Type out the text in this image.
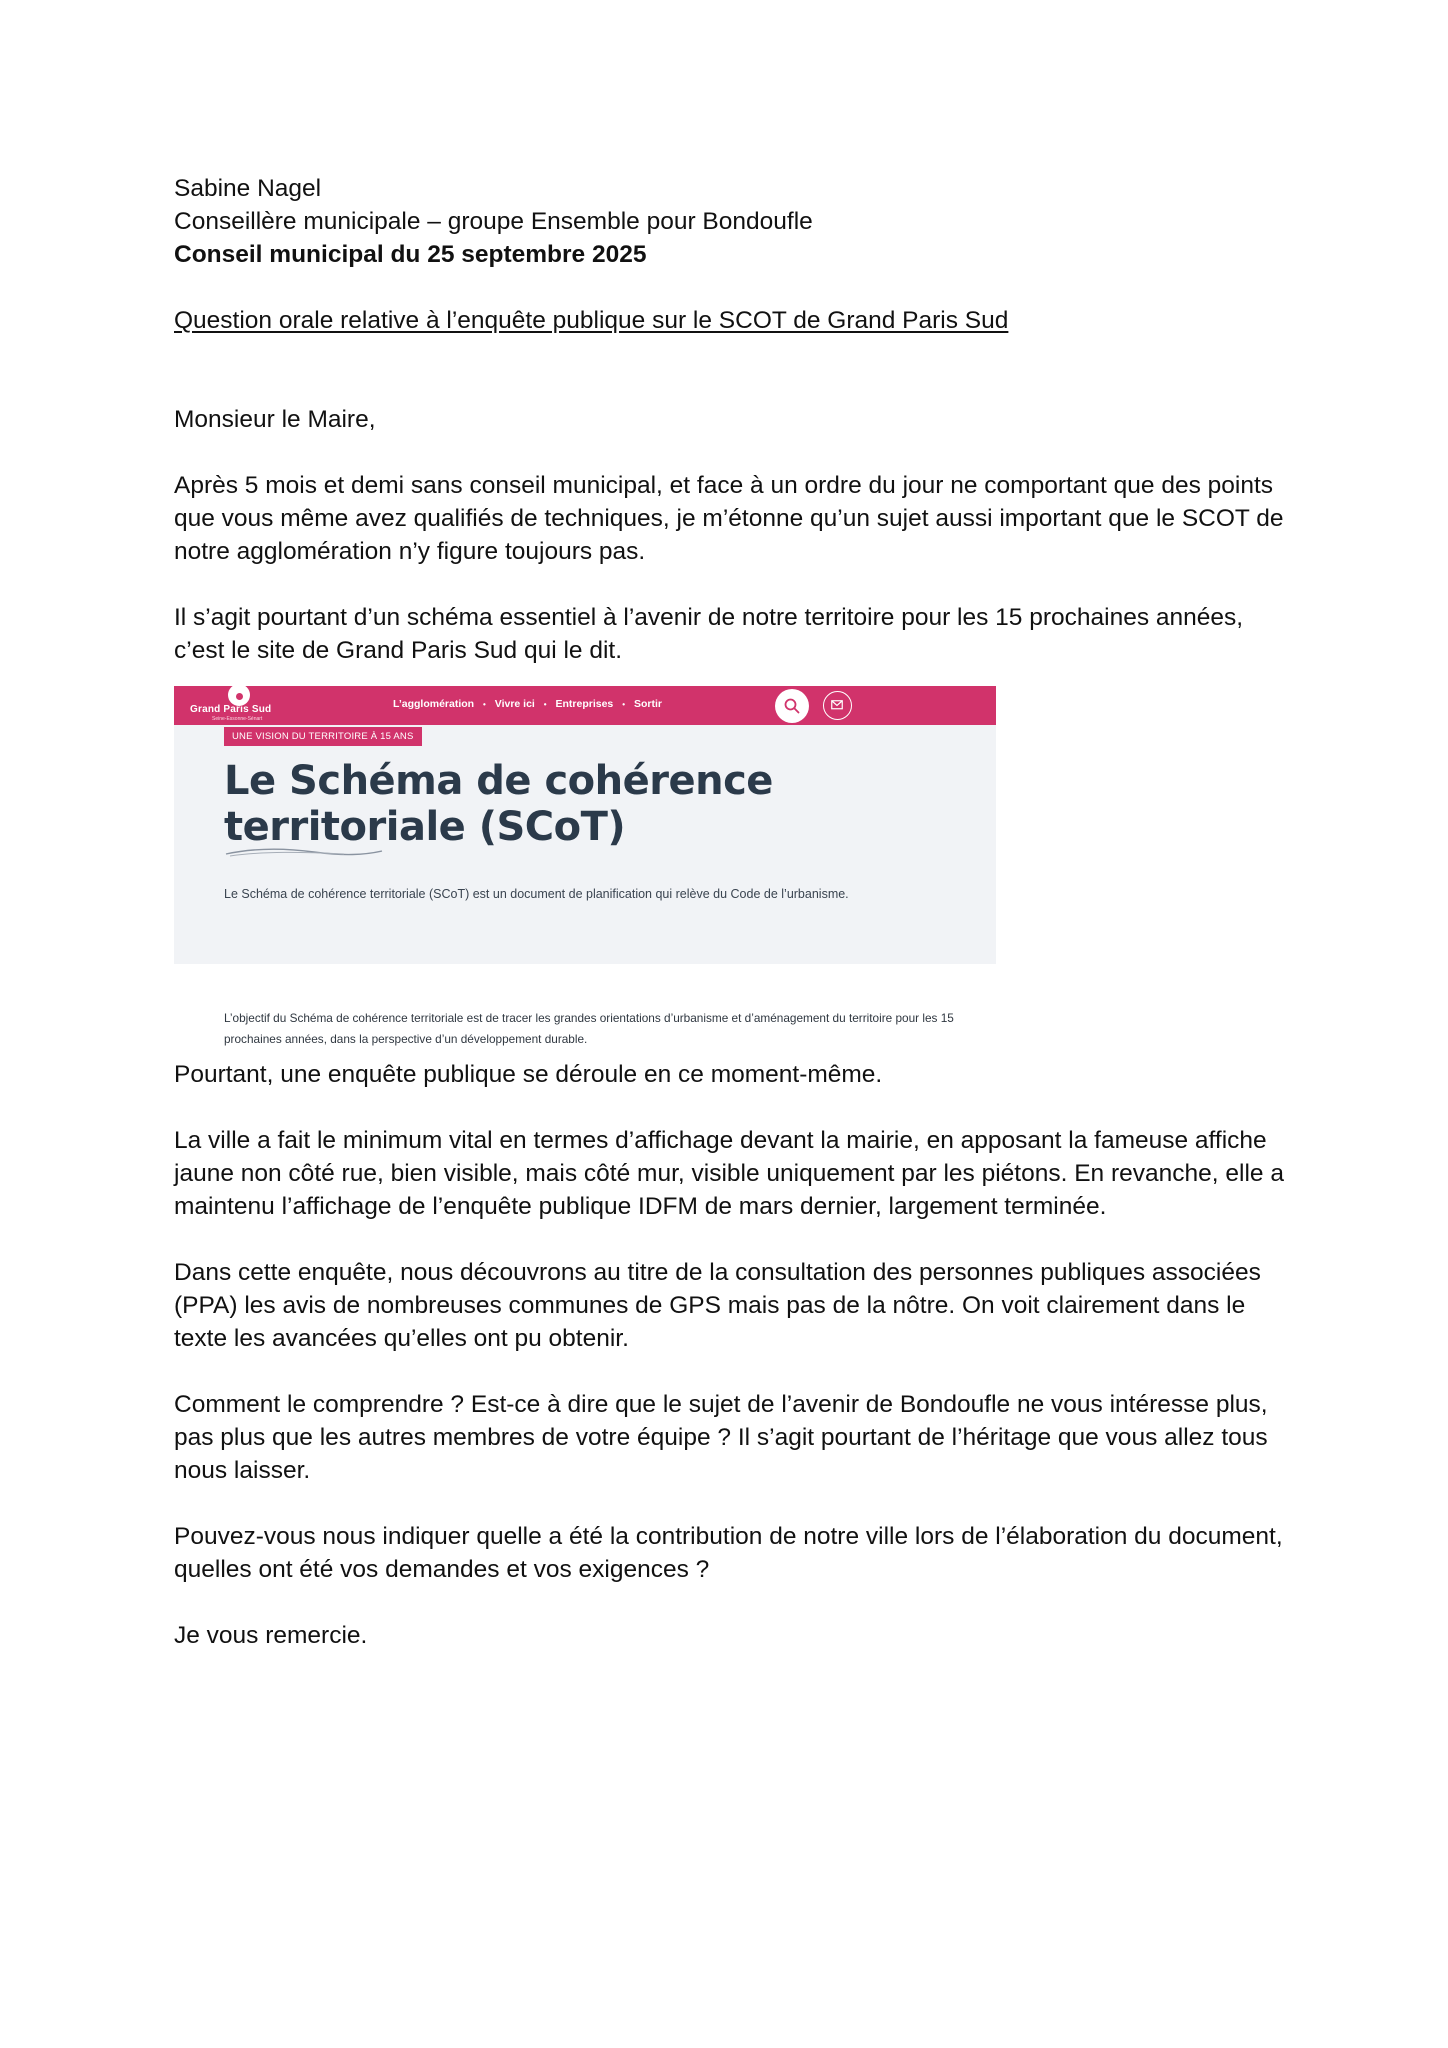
Sabine Nagel

Conseillère municipale – groupe Ensemble pour Bondoufle

Conseil municipal du 25 septembre 2025

Question orale relative à l’enquête publique sur le SCOT de Grand Paris Sud

Monsieur le Maire,

Après 5 mois et demi sans conseil municipal, et face à un ordre du jour ne comportant que des points que vous même avez qualifiés de techniques, je m’étonne qu’un sujet aussi important que le SCOT de notre agglomération n’y figure toujours pas.

Il s’agit pourtant d’un schéma essentiel à l’avenir de notre territoire pour les 15 prochaines années, c’est le site de Grand Paris Sud qui le dit.

Grand Paris Sud
Seine-Essonne-Sénart
L’agglomération • Vivre ici • Entreprises • Sortir
UNE VISION DU TERRITOIRE À 15 ANS
Le Schéma de cohérence
territoriale (SCoT)
Le Schéma de cohérence territoriale (SCoT) est un document de planification qui relève du Code de l’urbanisme.
L’objectif du Schéma de cohérence territoriale est de tracer les grandes orientations d’urbanisme et d’aménagement du territoire pour les 15 prochaines années, dans la perspective d’un développement durable.

Pourtant, une enquête publique se déroule en ce moment-même.

La ville a fait le minimum vital en termes d’affichage devant la mairie, en apposant la fameuse affiche jaune non côté rue, bien visible, mais côté mur, visible uniquement par les piétons. En revanche, elle a maintenu l’affichage de l’enquête publique IDFM de mars dernier, largement terminée.

Dans cette enquête, nous découvrons au titre de la consultation des personnes publiques associées (PPA) les avis de nombreuses communes de GPS mais pas de la nôtre. On voit clairement dans le texte les avancées qu’elles ont pu obtenir.

Comment le comprendre ? Est-ce à dire que le sujet de l’avenir de Bondoufle ne vous intéresse plus, pas plus que les autres membres de votre équipe ? Il s’agit pourtant de l’héritage que vous allez tous nous laisser.

Pouvez-vous nous indiquer quelle a été la contribution de notre ville lors de l’élaboration du document, quelles ont été vos demandes et vos exigences ?

Je vous remercie.
